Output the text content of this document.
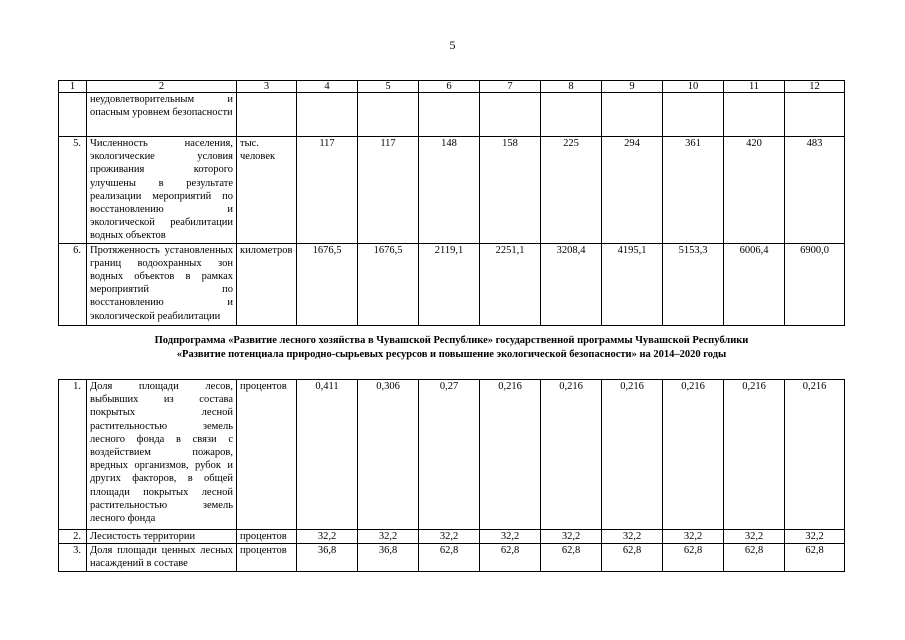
5
1	2	3	4	5	6	7	8	9	10	11	12
	неудовлетворительным и опасным уровнем безопасности										
5.	Численность населения, экологические условия проживания которого улучшены в результате реализации мероприятий по восстановлению и экологической реабилитации водных объектов	тыс. человек	117	117	148	158	225	294	361	420	483
6.	Протяженность установленных границ водоохранных зон водных объектов в рамках мероприятий по восстановлению и экологической реабилитации	километров	1676,5	1676,5	2119,1	2251,1	3208,4	4195,1	5153,3	6006,4	6900,0
Подпрограмма «Развитие лесного хозяйства в Чувашской Республике» государственной программы Чувашской Республики
«Развитие потенциала природно-сырьевых ресурсов и повышение экологической безопасности» на 2014–2020 годы
1.	Доля площади лесов, выбывших из состава покрытых лесной растительностью земель лесного фонда в связи с воздействием пожаров, вредных организмов, рубок и других факторов, в общей площади покрытых лесной растительностью земель лесного фонда	процентов	0,411	0,306	0,27	0,216	0,216	0,216	0,216	0,216	0,216
2.	Лесистость территории	процентов	32,2	32,2	32,2	32,2	32,2	32,2	32,2	32,2	32,2
3.	Доля площади ценных лесных насаждений в составе	процентов	36,8	36,8	62,8	62,8	62,8	62,8	62,8	62,8	62,8
